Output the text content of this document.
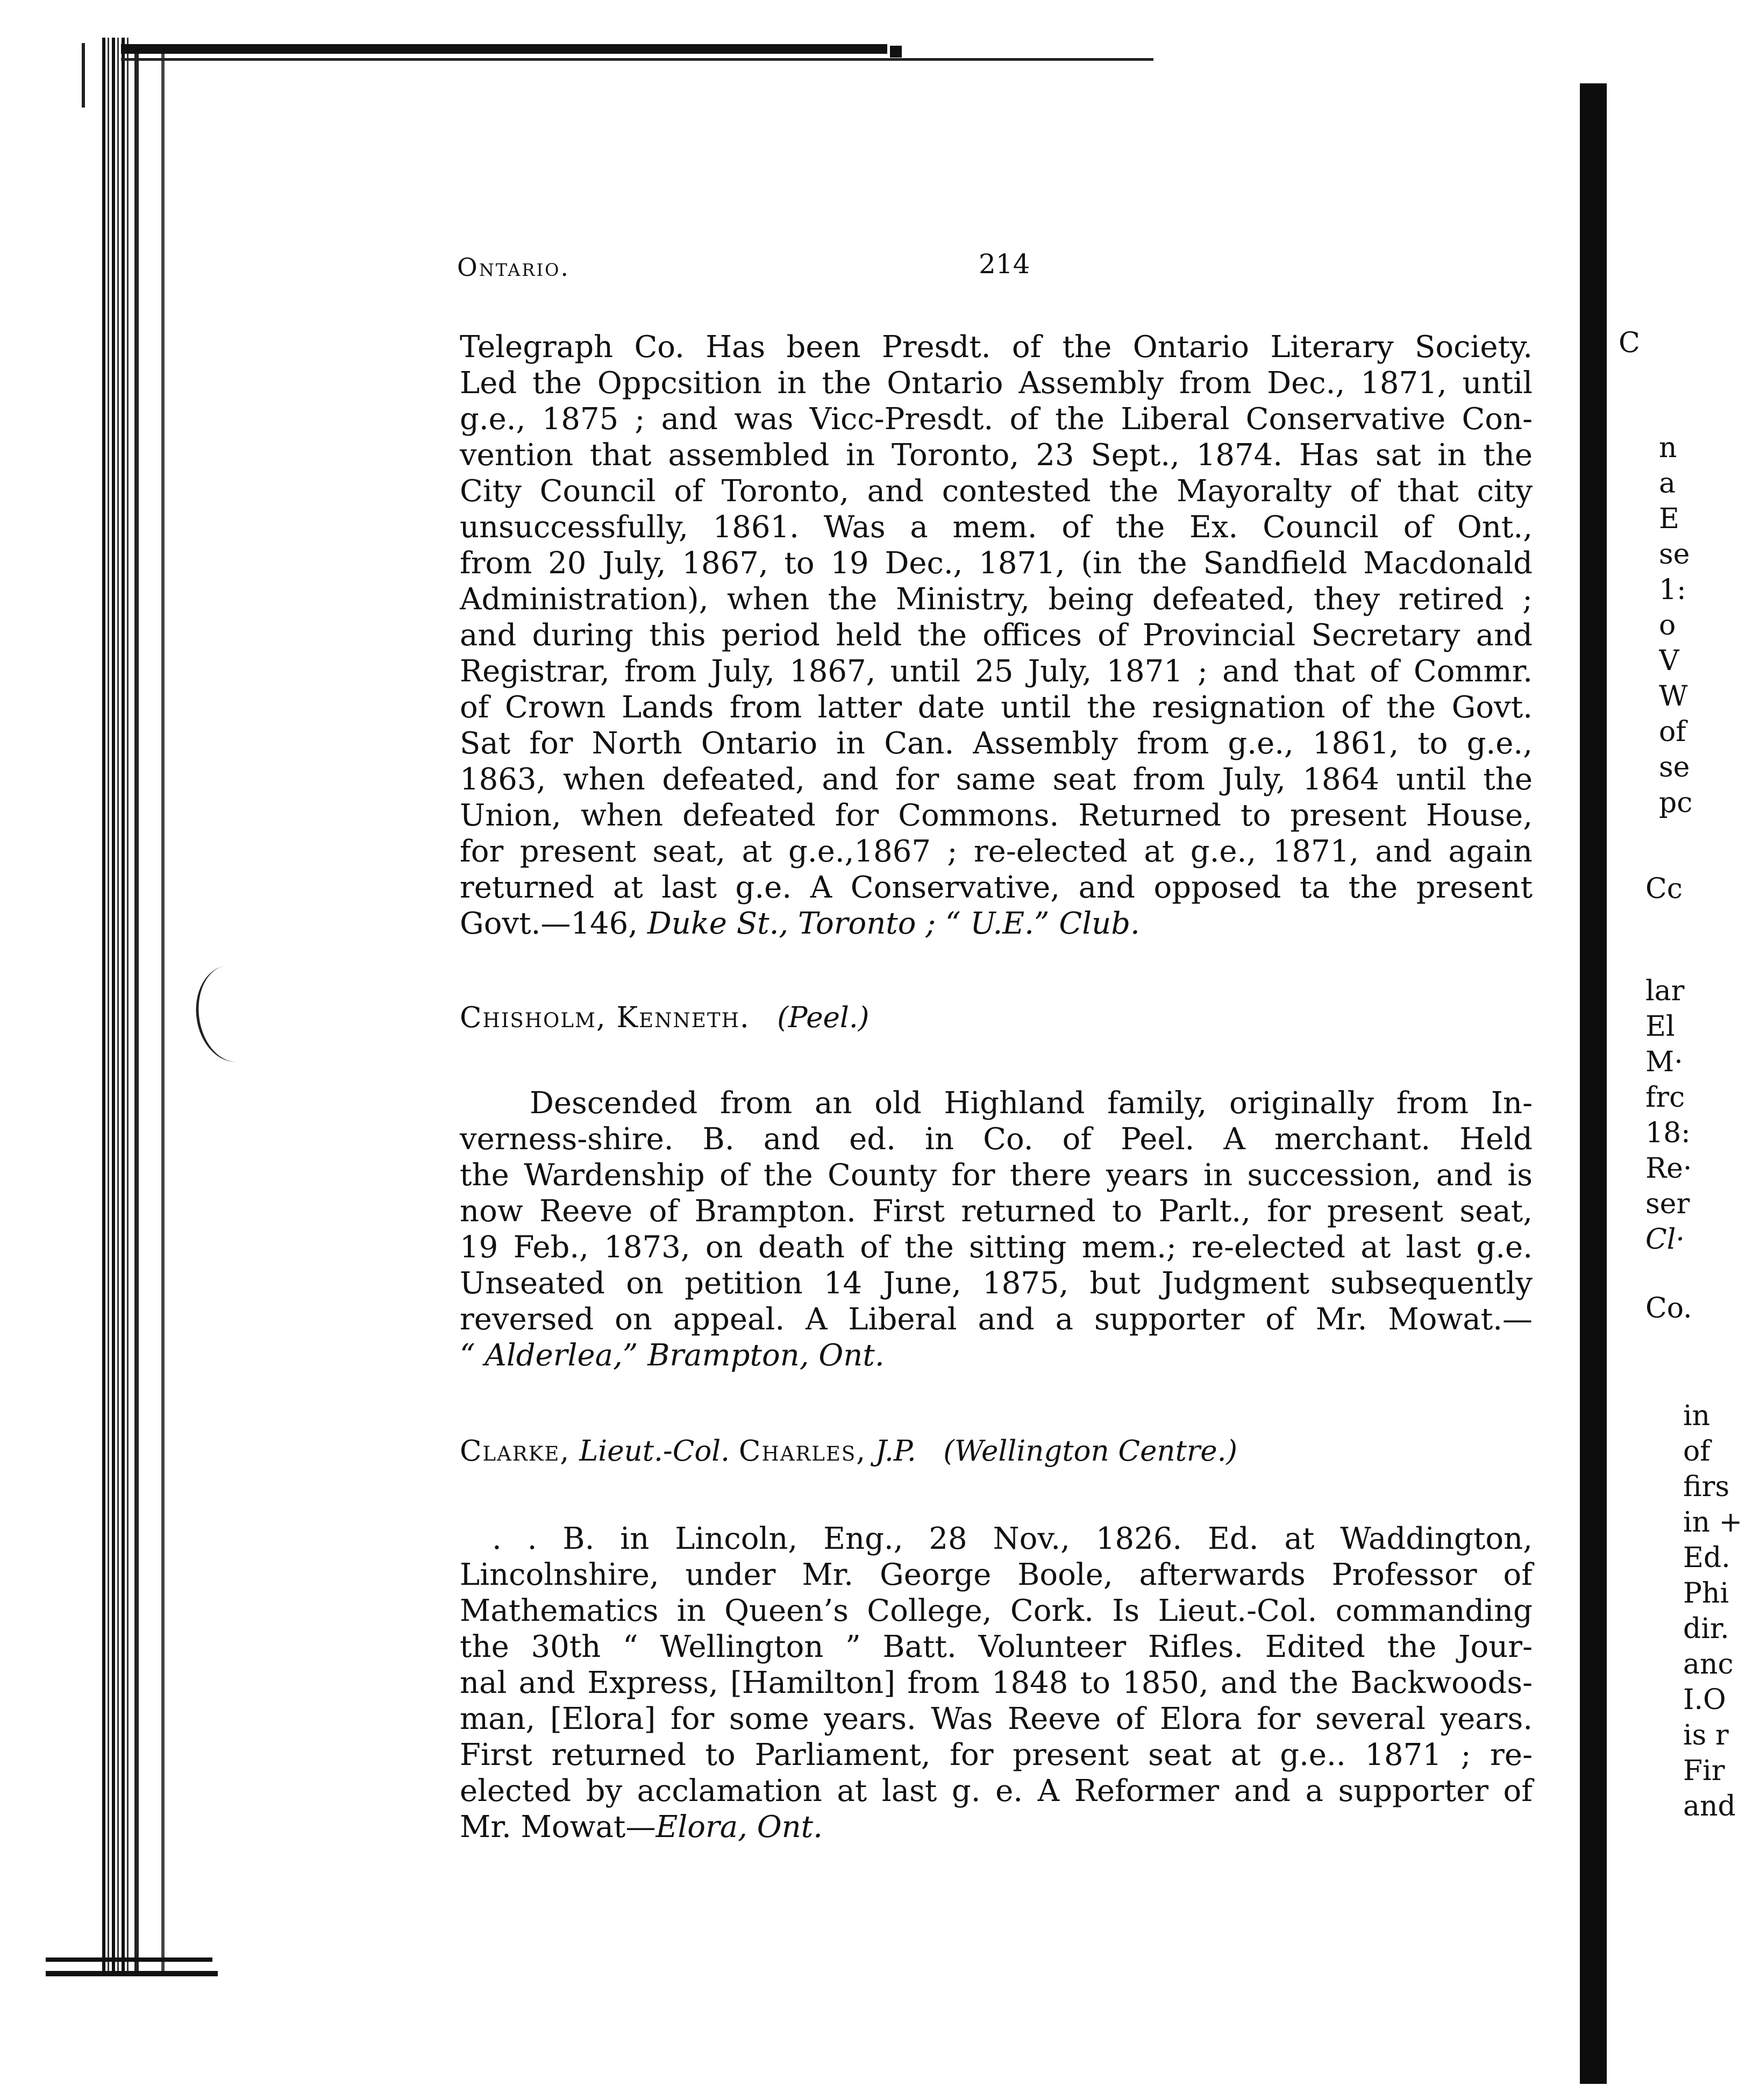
Ontario.	214
Telegraph Co. Has been Presdt. of the Ontario Literary Society.
Led the Oppcsition in the Ontario Assembly from Dec., 1871, until
g.e., 1875 ; and was Vicc-Presdt. of the Liberal Conservative Con-
vention that assembled in Toronto, 23 Sept., 1874. Has sat in the
City Council of Toronto, and contested the Mayoralty of that city
unsuccessfully, 1861. Was a mem. of the Ex. Council of Ont.,
from 20 July, 1867, to 19 Dec., 1871, (in the Sandfield Macdonald
Administration), when the Ministry, being defeated, they retired ;
and during this period held the offices of Provincial Secretary and
Registrar, from July, 1867, until 25 July, 1871 ; and that of Commr.
of Crown Lands from latter date until the resignation of the Govt.
Sat for North Ontario in Can. Assembly from g.e., 1861, to g.e.,
1863, when defeated, and for same seat from July, 1864 until the
Union, when defeated for Commons. Returned to present House,
for present seat, at g.e.,1867 ; re-elected at g.e., 1871, and again
returned at last g.e. A Conservative, and opposed ta the present
Govt.—146, Duke St., Toronto ; “ U.E.” Club.
Chisholm, Kenneth. (Peel.)
Descended from an old Highland family, originally from In-
verness-shire. B. and ed. in Co. of Peel. A merchant. Held
the Wardenship of the County for there years in succession, and is
now Reeve of Brampton. First returned to Parlt., for present seat,
19 Feb., 1873, on death of the sitting mem.; re-elected at last g.e.
Unseated on petition 14 June, 1875, but Judgment subsequently
reversed on appeal. A Liberal and a supporter of Mr. Mowat.—
“ Alderlea,” Brampton, Ont.
Clarke, Lieut.-Col. Charles, J.P. (Wellington Centre.)
. . B. in Lincoln, Eng., 28 Nov., 1826. Ed. at Waddington,
Lincolnshire, under Mr. George Boole, afterwards Professor of
Mathematics in Queen’s College, Cork. Is Lieut.-Col. commanding
the 30th “ Wellington ” Batt. Volunteer Rifles. Edited the Jour-
nal and Express, [Hamilton] from 1848 to 1850, and the Backwoods-
man, [Elora] for some years. Was Reeve of Elora for several years.
First returned to Parliament, for present seat at g.e.. 1871 ; re-
elected by acclamation at last g. e. A Reformer and a supporter of
Mr. Mowat—Elora, Ont.
C
n
a
E
se
1:
o
V
W
of
se
pc
Cc
lar
El
M·
frc
18:
Re·
ser
Cl·
Co.
in
of
firs
in +
Ed.
Phi
dir.
anc
I.O
is r
Fir
and
